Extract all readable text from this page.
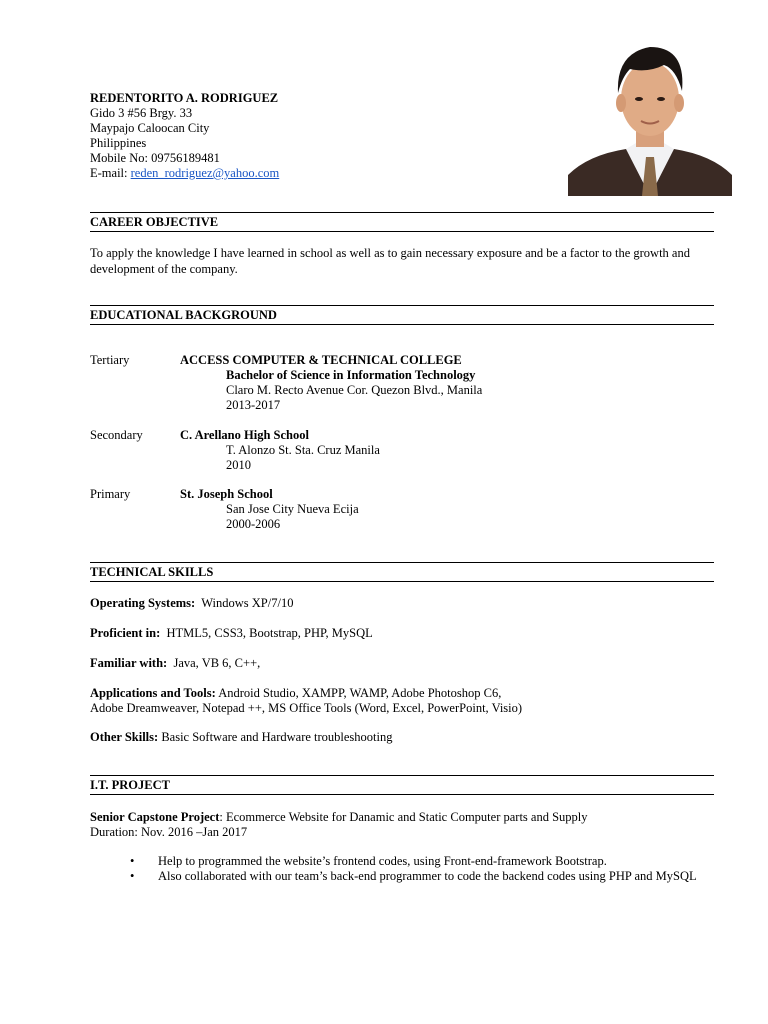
REDENTORITO A. RODRIGUEZ
Gido 3 #56 Brgy. 33
Maypajo Caloocan City
Philippines
Mobile No: 09756189481
E-mail: reden_rodriguez@yahoo.com
CAREER OBJECTIVE
To apply the knowledge I have learned in school as well as to gain necessary exposure and be a factor to the growth and development of the company.
EDUCATIONAL BACKGROUND
Tertiary	ACCESS COMPUTER & TECHNICAL COLLEGE
Bachelor of Science in Information Technology
Claro M. Recto Avenue Cor. Quezon Blvd., Manila
2013-2017
Secondary	C. Arellano High School
T. Alonzo St. Sta. Cruz Manila
2010
Primary	St. Joseph School
San Jose City Nueva Ecija
2000-2006
TECHNICAL SKILLS
Operating Systems: Windows XP/7/10
Proficient in: HTML5, CSS3, Bootstrap, PHP, MySQL
Familiar with: Java, VB 6, C++,
Applications and Tools: Android Studio, XAMPP, WAMP, Adobe Photoshop C6,
Adobe Dreamweaver, Notepad ++, MS Office Tools (Word, Excel, PowerPoint, Visio)
Other Skills: Basic Software and Hardware troubleshooting
I.T. PROJECT
Senior Capstone Project: Ecommerce Website for Danamic and Static Computer parts and Supply
Duration: Nov. 2016 –Jan 2017
• Help to programmed the website’s frontend codes, using Front-end-framework Bootstrap.
• Also collaborated with our team’s back-end programmer to code the backend codes using PHP and MySQL
